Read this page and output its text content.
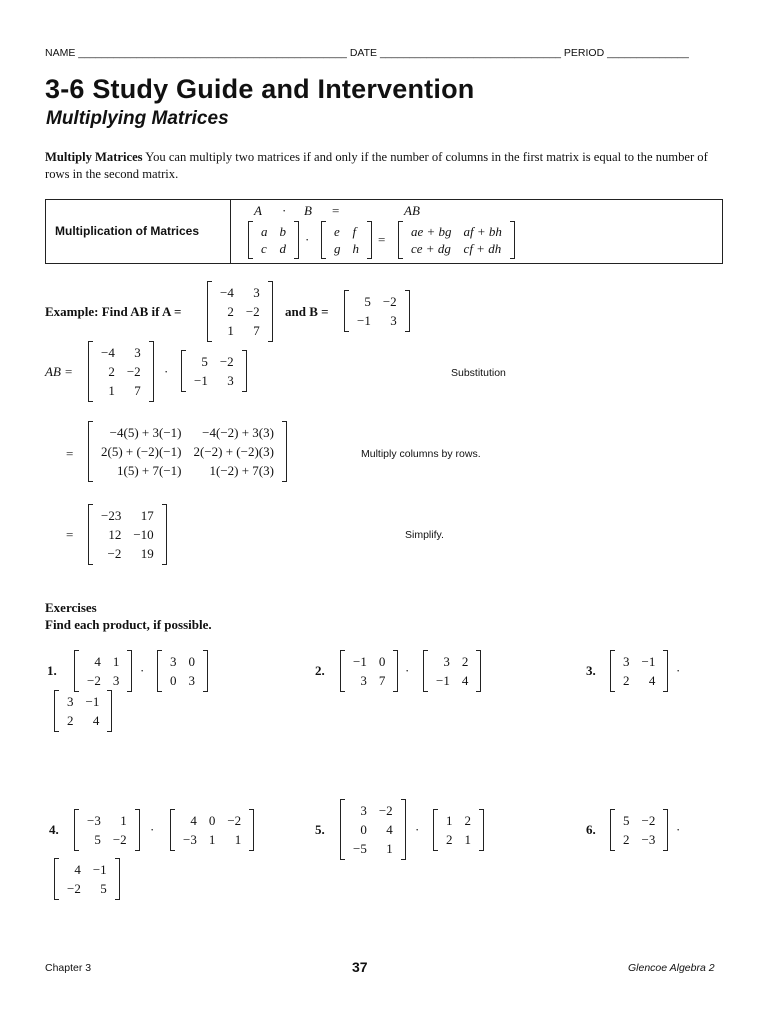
NAME ______________________________________________ DATE _______________________________ PERIOD ______________
3-6 Study Guide and Intervention
Multiplying Matrices
Multiply Matrices You can multiply two matrices if and only if the number of columns in the first matrix is equal to the number of rows in the second matrix.
Multiplication of Matrices
A · B =	AB
a	b
c	d
·
e	f
g	h
=
ae + bg	af + bh
ce + dg	cf + dh
Example: Find AB if A =
−4	3
2	−2
1	7
and B =
5	−2
−1	3
AB =
−4	3
2	−2
1	7
·
5	−2
−1	3	Substitution
=
−4(5) + 3(−1)	−4(−2) + 3(3)
2(5) + (−2)(−1)	2(−2) + (−2)(3)
1(5) + 7(−1)	1(−2) + 7(3)
Multiply columns by rows.
=
−23	17
12	−10
−2	19
Simplify.
Exercises
Find each product, if possible.
1.
4	1
−2	3
·
3	0
0	3
2.
−1	0
3	7
·
3	2
−1	4
3.
3	−1
2	4
·
3	−1
2	4
4.
−3	1
5	−2
·
4	0	−2
−3	1	1
5.
3	−2
0	4
−5	1
·
1	2
2	1
6.
5	−2
2	−3
·
4	−1
−2	5
Chapter 3	37	Glencoe Algebra 2
